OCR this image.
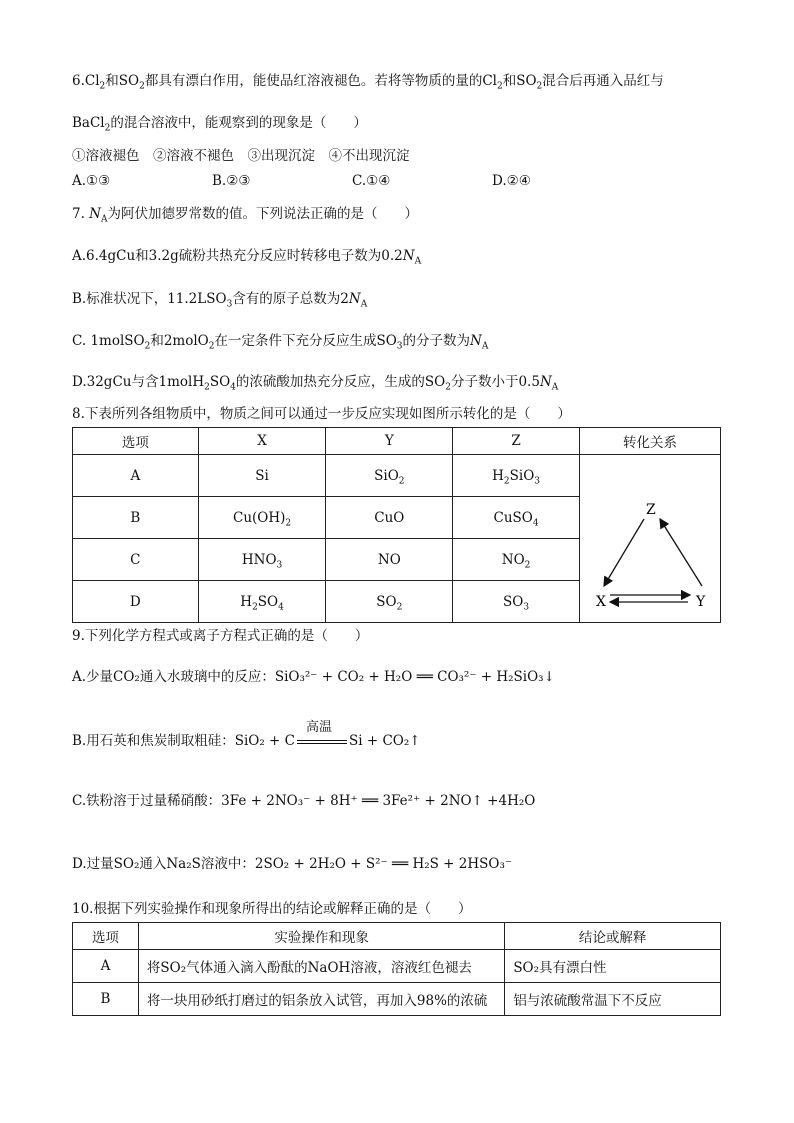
$6.Cl_2$和$SO_2$都具有漂白作用，能使品红溶液褪色。若将等物质的量的$Cl_2$和$SO_2$混合后再通入品红与
BaCl$_2$的混合溶液中，能观察到的现象是（　　）
①溶液褪色　②溶液不褪色　③出现沉淀　④不出现沉淀
A.①③	B.②③	C.①④	D.②④
7. $N_A$为阿伏加德罗常数的值。下列说法正确的是（　　）
A.6.4gCu和3.2g硫粉共热充分反应时转移电子数为$0.2N_A$
B.标准状况下，$11.2LSO_3$含有的原子总数为$2N_A$
C. 1molSO$_2$和2molO$_2$在一定条件下充分反应生成$SO_3$的分子数为$N_A$
D.32gCu与含$1molH_2SO_4$的浓硫酸加热充分反应，生成的$SO_2$分子数小于$0.5N_A$
8.下表所列各组物质中，物质之间可以通过一步反应实现如图所示转化的是（　　）
选项	X	Y	Z	转化关系
A	Si	SiO$_2$	$H_2SiO_3$	Z
X Y

B	$Cu(OH)_2$	CuO	CuSO$_4$
C	$HNO_3$	NO	$NO_2$
D	$H_2SO_4$	$SO_2$	$SO_3$
9.下列化学方程式或离子方程式正确的是（　　）
A.少量CO₂通入水玻璃中的反应：SiO₃²⁻ + CO₂ + H₂O ══ CO₃²⁻ + H₂SiO₃↓
高温
B.用石英和焦炭制取粗硅：SiO₂ + C	Si + CO₂↑
C.铁粉溶于过量稀硝酸：3Fe + 2NO₃⁻ + 8H⁺ ══ 3Fe²⁺ + 2NO↑ +4H₂O
D.过量SO₂通入Na₂S溶液中：2SO₂ + 2H₂O + S²⁻ ══ H₂S + 2HSO₃⁻
10.根据下列实验操作和现象所得出的结论或解释正确的是（　　）
选项	实验操作和现象	结论或解释
A	将SO₂气体通入滴入酚酞的NaOH溶液，溶液红色褪去	SO₂具有漂白性
B	将一块用砂纸打磨过的铝条放入试管，再加入98%的浓硫	铝与浓硫酸常温下不反应
